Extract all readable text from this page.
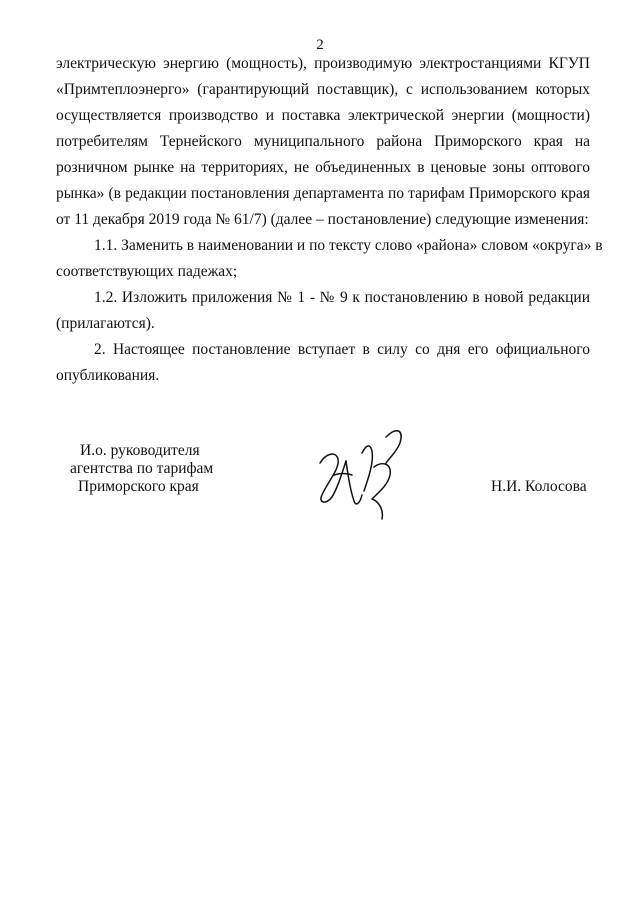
2
электрическую энергию (мощность), производимую электростанциями КГУП
«Примтеплоэнерго» (гарантирующий поставщик), с использованием которых
осуществляется производство и поставка электрической энергии (мощности)
потребителям Тернейского муниципального района Приморского края на
розничном рынке на территориях, не объединенных в ценовые зоны оптового
рынка» (в редакции постановления департамента по тарифам Приморского края
от 11 декабря 2019 года № 61/7) (далее – постановление) следующие изменения:
1.1. Заменить в наименовании и по тексту слово «района» словом «округа» в
соответствующих падежах;
1.2. Изложить приложения № 1 - № 9 к постановлению в новой редакции
(прилагаются).
2. Настоящее постановление вступает в силу со дня его официального
опубликования.
И.о. руководителя
агентства по тарифам
Приморского края	Н.И. Колосова
